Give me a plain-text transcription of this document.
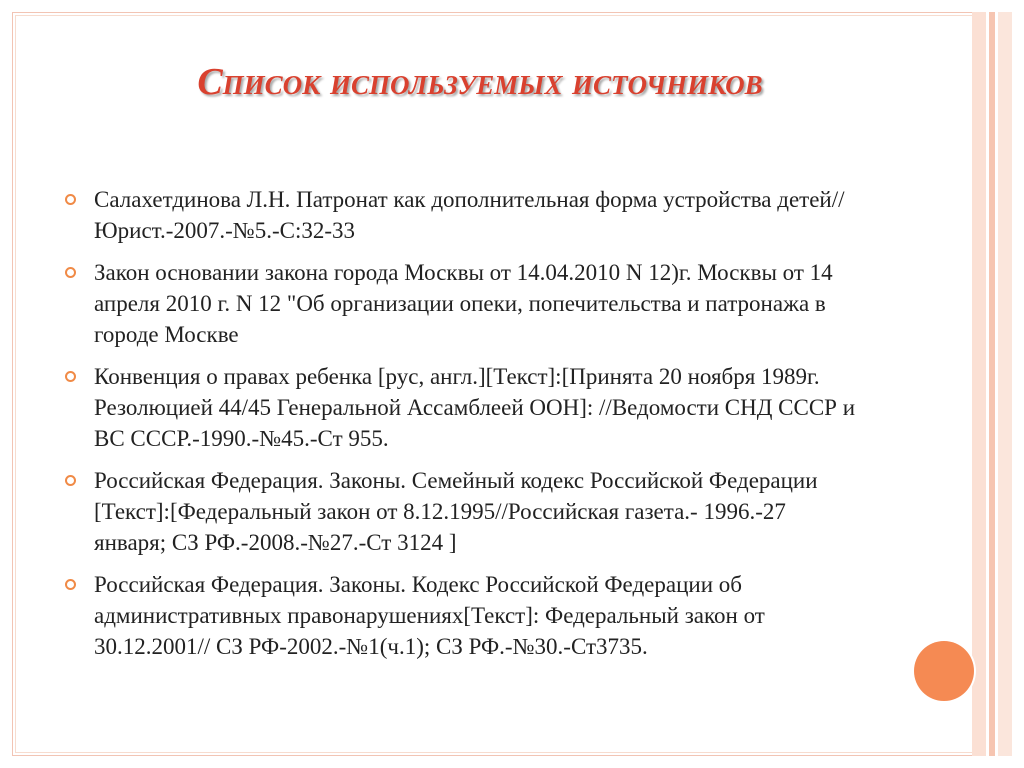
Список используемых источников
Салахетдинова Л.Н. Патронат как дополнительная форма устройства детей//Юрист.-2007.-№5.-С:32-33
Закон основании закона города Москвы от 14.04.2010 N 12)г. Москвы от 14 апреля 2010 г. N 12 "Об организации опеки, попечительства и патронажа в городе Москве
Конвенция о правах ребенка [рус, англ.][Текст]:[Принята 20 ноября 1989г. Резолюцией 44/45 Генеральной Ассамблеей ООН]: //Ведомости СНД СССР и ВС СССР.-1990.-№45.-Ст 955.
Российская Федерация. Законы. Семейный кодекс Российской Федерации [Текст]:[Федеральный закон от 8.12.1995//Российская газета.- 1996.-27 января; СЗ РФ.-2008.-№27.-Ст 3124 ]
Российская Федерация. Законы. Кодекс Российской Федерации об административных правонарушениях[Текст]: Федеральный закон от 30.12.2001// СЗ РФ-2002.-№1(ч.1); СЗ РФ.-№30.-Ст3735.
